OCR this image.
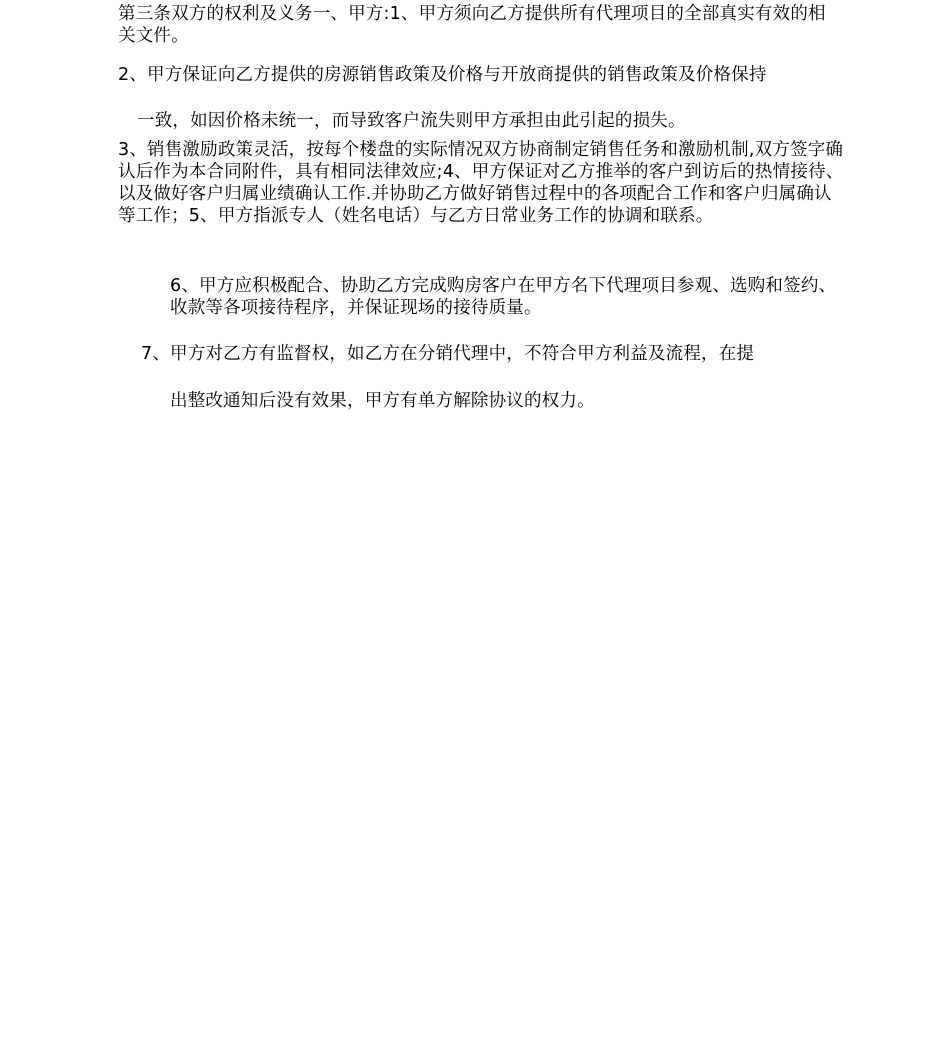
第三条双方的权利及义务一、甲方:1、甲方须向乙方提供所有代理项目的全部真实有效的相关文件。

2、甲方保证向乙方提供的房源销售政策及价格与开放商提供的销售政策及价格保持

一致，如因价格未统一，而导致客户流失则甲方承担由此引起的损失。

3、销售激励政策灵活，按每个楼盘的实际情况双方协商制定销售任务和激励机制,双方签字确认后作为本合同附件，具有相同法律效应;4、甲方保证对乙方推举的客户到访后的热情接待、以及做好客户归属业绩确认工作.并协助乙方做好销售过程中的各项配合工作和客户归属确认等工作；5、甲方指派专人（姓名电话）与乙方日常业务工作的协调和联系。

6、甲方应积极配合、协助乙方完成购房客户在甲方名下代理项目参观、选购和签约、收款等各项接待程序，并保证现场的接待质量。

7、甲方对乙方有监督权，如乙方在分销代理中，不符合甲方利益及流程，在提

出整改通知后没有效果，甲方有单方解除协议的权力。
